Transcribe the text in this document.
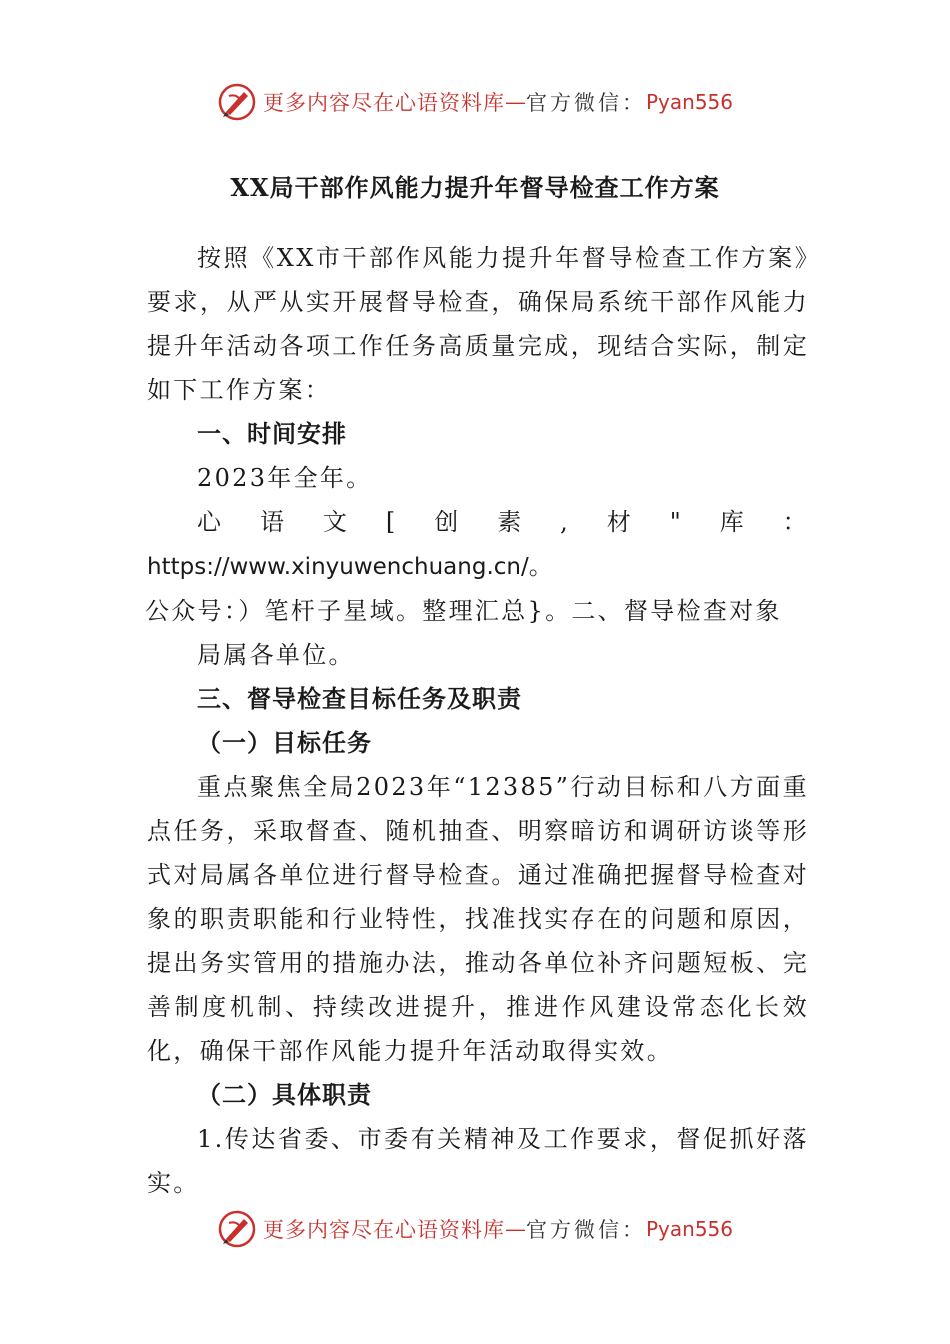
更多内容尽在心语资料库 — 官方微信： Pyan556
XX局干部作风能力提升年督导检查工作方案

按照《XX市干部作风能力提升年督导检查工作方案》要求，从严从实开展督导检查，确保局系统干部作风能力提升年活动各项工作任务高质量完成，现结合实际，制定如下工作方案：

一、时间安排

2023年全年。

心语文[创素,材"库：https://www.xinyuwenchuang.cn/。

公众号：）笔杆子星域。整理汇总}。二、督导检查对象

局属各单位。

三、督导检查目标任务及职责

（一）目标任务

重点聚焦全局2023年“12385”行动目标和八方面重点任务，采取督查、随机抽查、明察暗访和调研访谈等形式对局属各单位进行督导检查。通过准确把握督导检查对象的职责职能和行业特性，找准找实存在的问题和原因，提出务实管用的措施办法，推动各单位补齐问题短板、完善制度机制、持续改进提升，推进作风建设常态化长效化，确保干部作风能力提升年活动取得实效。

（二）具体职责

1.传达省委、市委有关精神及工作要求，督促抓好落实。

更多内容尽在心语资料库 — 官方微信： Pyan556
